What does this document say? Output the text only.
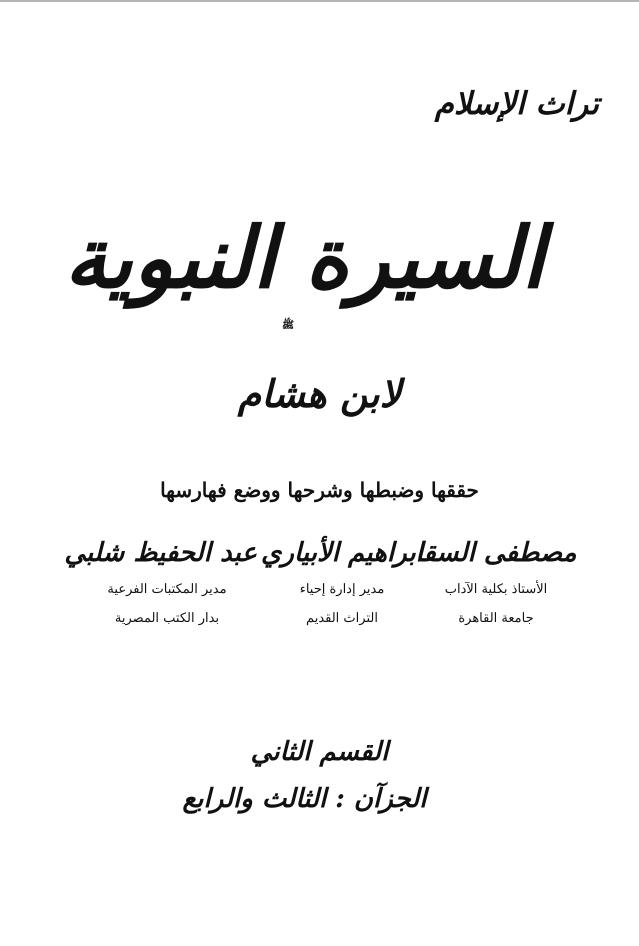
تراث الإسلام
السيرة النبوية
ﷺ
لابن هشام
حققها وضبطها وشرحها ووضع فهارسها
مصطفى السقا
الأستاذ بكلية الآداب
جامعة القاهرة
ابراهيم الأبياري
مدير إدارة إحياء
التراث القديم
عبد الحفيظ شلبي
مدير المكتبات الفرعية
بدار الكتب المصرية
القسم الثاني
الجزآن : الثالث والرابع
